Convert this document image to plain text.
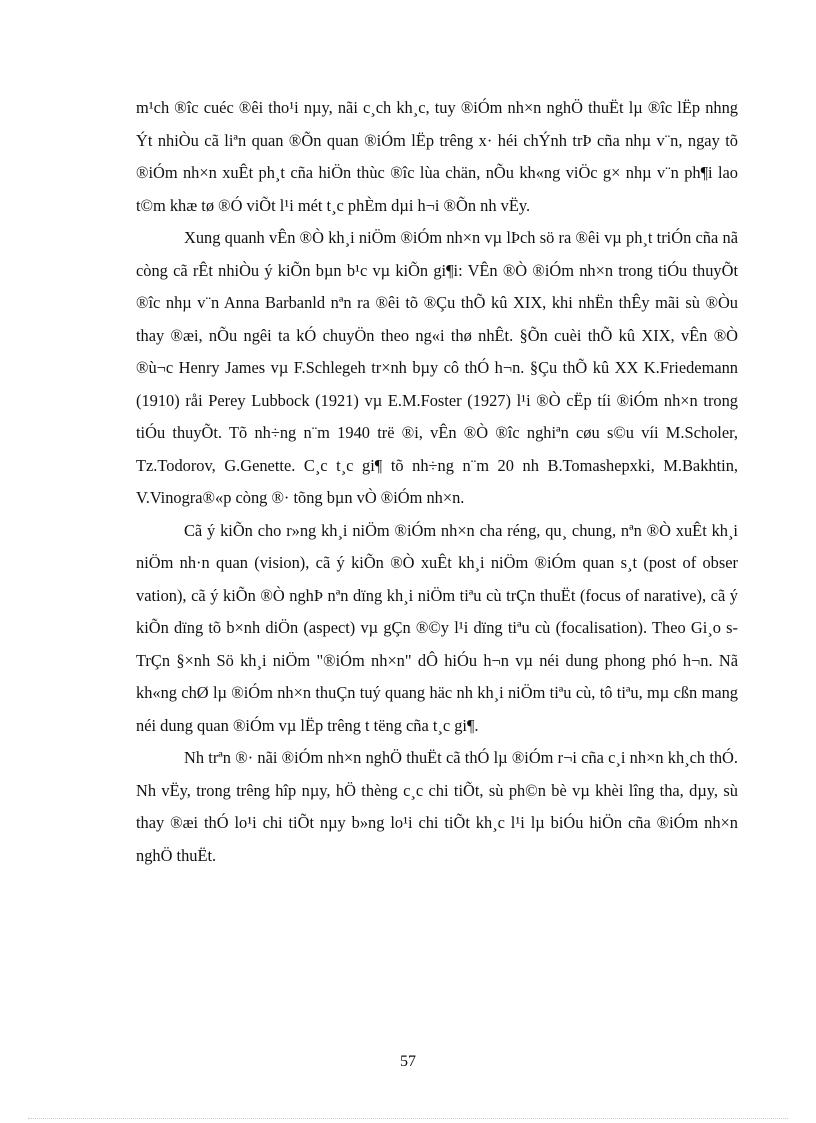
m¹ch ®îc cuéc ®êi tho¹i nµy, nãi c¸ch kh¸c, tuy ®iÓm nh×n nghÖ thuËt lµ ®îc lËp nhng Ýt nhiÒu cã liªn quan ®Õn quan ®iÓm lËp trêng x· héi chÝnh trÞ cña nhµ v¨n, ngay tõ ®iÓm nh×n xuÊt ph¸t cña hiÖn thùc ®îc lùa chän, nÕu kh«ng viÖc g× nhµ v¨n ph¶i lao t©m khæ tø ®Ó viÕt l¹i mét t¸c phÈm dµi h¬i ®Õn nh vËy.

Xung quanh vÊn ®Ò kh¸i niÖm ®iÓm nh×n vµ lÞch sö ra ®êi vµ ph¸t triÓn cña nã còng cã rÊt nhiÒu ý kiÕn bµn b¹c vµ kiÕn gi¶i: VÊn ®Ò ®iÓm nh×n trong tiÓu thuyÕt ®îc nhµ v¨n Anna Barbanld nªn ra ®êi tõ ®Çu thÕ kû XIX, khi nhËn thÊy mãi sù ®Òu thay ®æi, nÕu ngêi ta kÓ chuyÖn theo ng«i thø nhÊt. §Õn cuèi thÕ kû XIX, vÊn ®Ò ®ù¬c Henry James vµ F.Schlegeh tr×nh bµy cô thÓ h¬n. §Çu thÕ kû XX K.Friedemann (1910) råi Perey Lubbock (1921) vµ E.M.Foster (1927) l¹i ®Ò cËp tíi ®iÓm nh×n trong tiÓu thuyÕt. Tõ nh÷ng n¨m 1940 trë ®i, vÊn ®Ò ®îc nghiªn cøu s©u víi M.Scholer, Tz.Todorov, G.Genette. C¸c t¸c gi¶ tõ nh÷ng n¨m 20 nh B.Tomashepxki, M.Bakhtin, V.Vinogra®«p còng ®· tõng bµn vÒ ®iÓm nh×n.

Cã ý kiÕn cho r»ng kh¸i niÖm ®iÓm nh×n cha réng, qu¸ chung, nªn ®Ò xuÊt kh¸i niÖm nh·n quan (vision), cã ý kiÕn ®Ò xuÊt kh¸i niÖm ®iÓm quan s¸t (post of obser vation), cã ý kiÕn ®Ò nghÞ nªn dïng kh¸i niÖm tiªu cù trÇn thuËt (focus of narative), cã ý kiÕn dïng tõ b×nh diÖn (aspect) vµ gÇn ®©y l¹i dïng tiªu cù (focalisation). Theo Gi¸o s TrÇn §×nh Sö kh¸i niÖm "®iÓm nh×n" dÔ hiÓu h¬n vµ néi dung phong phó h¬n. Nã kh«ng chØ lµ ®iÓm nh×n thuÇn tuý quang häc nh kh¸i niÖm tiªu cù, tô tiªu, mµ cßn mang néi dung quan ®iÓm vµ lËp trêng t tëng cña t¸c gi¶.

Nh trªn ®· nãi ®iÓm nh×n nghÖ thuËt cã thÓ lµ ®iÓm r¬i cña c¸i nh×n kh¸ch thÓ. Nh vËy, trong trêng hîp nµy, hÖ thèng c¸c chi tiÕt, sù ph©n bè vµ khèi lîng tha, dµy, sù thay ®æi thÓ lo¹i chi tiÕt nµy b»ng lo¹i chi tiÕt kh¸c l¹i lµ biÓu hiÖn cña ®iÓm nh×n nghÖ thuËt.

57
